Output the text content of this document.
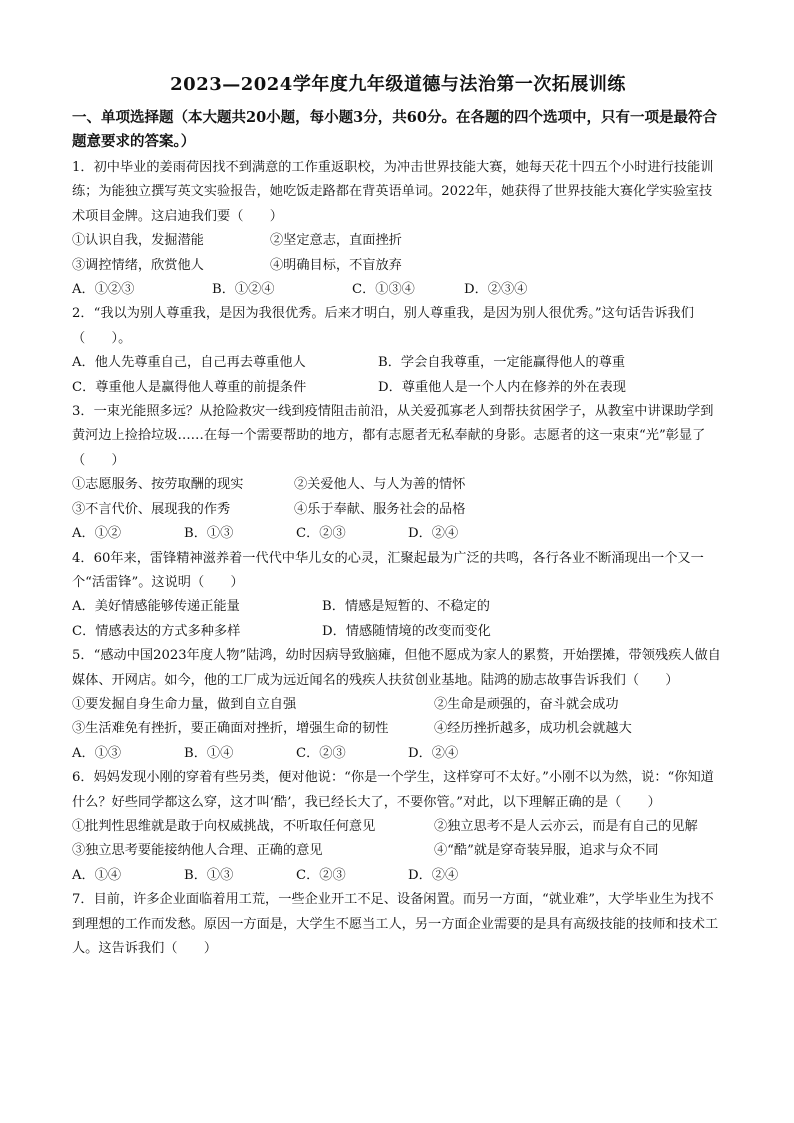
2023—2024学年度九年级道德与法治第一次拓展训练
一、单项选择题（本大题共20小题，每小题3分，共60分。在各题的四个选项中，只有一项是最符合题意要求的答案。）

1．初中毕业的姜雨荷因找不到满意的工作重返职校，为冲击世界技能大赛，她每天花十四五个小时进行技能训练；为能独立撰写英文实验报告，她吃饭走路都在背英语单词。2022年，她获得了世界技能大赛化学实验室技术项目金牌。这启迪我们要（　　）

①认识自我，发掘潜能	②坚定意志，直面挫折
③调控情绪，欣赏他人	④明确目标，不盲放弃
A．①②③	B．①②④	C．①③④	D．②③④

2．“我以为别人尊重我，是因为我很优秀。后来才明白，别人尊重我，是因为别人很优秀。”这句话告诉我们（　　）。

A．他人先尊重自己，自己再去尊重他人	B．学会自我尊重，一定能赢得他人的尊重
C．尊重他人是赢得他人尊重的前提条件	D．尊重他人是一个人内在修养的外在表现

3．一束光能照多远？从抢险救灾一线到疫情阻击前沿，从关爱孤寡老人到帮扶贫困学子，从教室中讲课助学到黄河边上捡拾垃圾……在每一个需要帮助的地方，都有志愿者无私奉献的身影。志愿者的这一束束“光”彰显了（　　）

①志愿服务、按劳取酬的现实	②关爱他人、与人为善的情怀
③不言代价、展现我的作秀	④乐于奉献、服务社会的品格
A．①②	B．①③	C．②③	D．②④

4．60年来，雷锋精神滋养着一代代中华儿女的心灵，汇聚起最为广泛的共鸣，各行各业不断涌现出一个又一个“活雷锋”。这说明（　　）

A．美好情感能够传递正能量	B．情感是短暂的、不稳定的
C．情感表达的方式多种多样	D．情感随情境的改变而变化

5．“感动中国2023年度人物”陆鸿，幼时因病导致脑瘫，但他不愿成为家人的累赘，开始摆摊，带领残疾人做自媒体、开网店。如今，他的工厂成为远近闻名的残疾人扶贫创业基地。陆鸿的励志故事告诉我们（　　）

①要发掘自身生命力量，做到自立自强	②生命是顽强的，奋斗就会成功
③生活难免有挫折，要正确面对挫折，增强生命的韧性	④经历挫折越多，成功机会就越大
A．①③	B．①④	C．②③	D．②④

6．妈妈发现小刚的穿着有些另类，便对他说：“你是一个学生，这样穿可不太好。”小刚不以为然，说：“你知道什么？好些同学都这么穿，这才叫‘酷’，我已经长大了，不要你管。”对此，以下理解正确的是（　　）

①批判性思维就是敢于向权威挑战，不听取任何意见	②独立思考不是人云亦云，而是有自己的见解
③独立思考要能接纳他人合理、正确的意见	④“酷”就是穿奇装异服，追求与众不同
A．①④	B．①③	C．②③	D．②④

7．目前，许多企业面临着用工荒，一些企业开工不足、设备闲置。而另一方面，“就业难”，大学毕业生为找不到理想的工作而发愁。原因一方面是，大学生不愿当工人，另一方面企业需要的是具有高级技能的技师和技术工人。这告诉我们（　　）
